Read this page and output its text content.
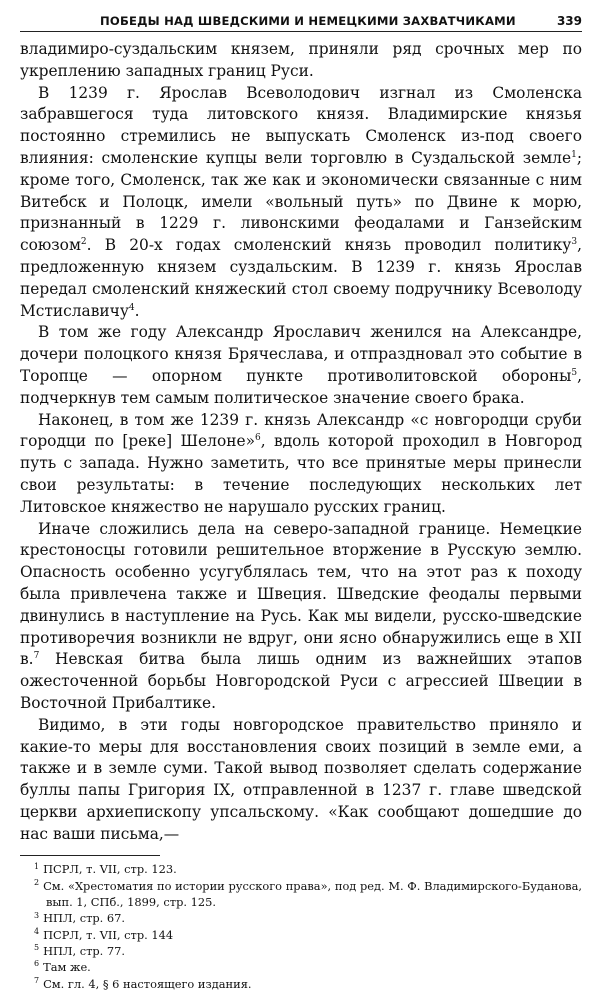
ПОБЕДЫ НАД ШВЕДСКИМИ И НЕМЕЦКИМИ ЗАХВАТЧИКАМИ	339

владимиро-суздальским князем, приняли ряд срочных мер по укреплению западных границ Руси.

В 1239 г. Ярослав Всеволодович изгнал из Смоленска забравшегося туда литовского князя. Владимирские князья постоянно стремились не выпускать Смоленск из-под своего влияния: смоленские купцы вели торговлю в Суздальской земле$^1$; кроме того, Смоленск, так же как и экономически связанные с ним Витебск и Полоцк, имели «вольный путь» по Двине к морю, признанный в 1229 г. ливонскими феодалами и Ганзейским союзом$^2$. В 20-х годах смоленский князь проводил политику$^3$, предложенную князем суздальским. В 1239 г. князь Ярослав передал смоленский княжеский стол своему подручнику Всеволоду Мстиславичу$^4$.

В том же году Александр Ярославич женился на Александре, дочери полоцкого князя Брячеслава, и отпраздновал это событие в Торопце — опорном пункте противолитовской обороны$^5$, подчеркнув тем самым политическое значение своего брака.

Наконец, в том же 1239 г. князь Александр «с новгородци сруби городци по [реке] Шелоне»$^6$, вдоль которой проходил в Новгород путь с запада. Нужно заметить, что все принятые меры принесли свои результаты: в течение последующих нескольких лет Литовское княжество не нарушало русских границ.

Иначе сложились дела на северо-западной границе. Немецкие крестоносцы готовили решительное вторжение в Русскую землю. Опасность особенно усугублялась тем, что на этот раз к походу была привлечена также и Швеция. Шведские феодалы первыми двинулись в наступление на Русь. Как мы видели, русско-шведские противоречия возникли не вдруг, они ясно обнаружились еще в XII в.$^7$ Невская битва была лишь одним из важнейших этапов ожесточенной борьбы Новгородской Руси с агрессией Швеции в Восточной Прибалтике.

Видимо, в эти годы новгородское правительство приняло и какие-то меры для восстановления своих позиций в земле еми, а также и в земле суми. Такой вывод позволяет сделать содержание буллы папы Григория IX, отправленной в 1237 г. главе шведской церкви архиепископу упсальскому. «Как сообщают дошедшие до нас ваши письма,—

$^1$ ПСРЛ, т. VII, стр. 123.
$^2$ См. «Хрестоматия по истории русского права», под ред. М. Ф. Владимирского-Буданова, вып. 1, СПб., 1899, стр. 125.
$^3$ НПЛ, стр. 67.
$^4$ ПСРЛ, т. VII, стр. 144
$^5$ НПЛ, стр. 77.
$^6$ Там же.
$^7$ См. гл. 4, § 6 настоящего издания.
